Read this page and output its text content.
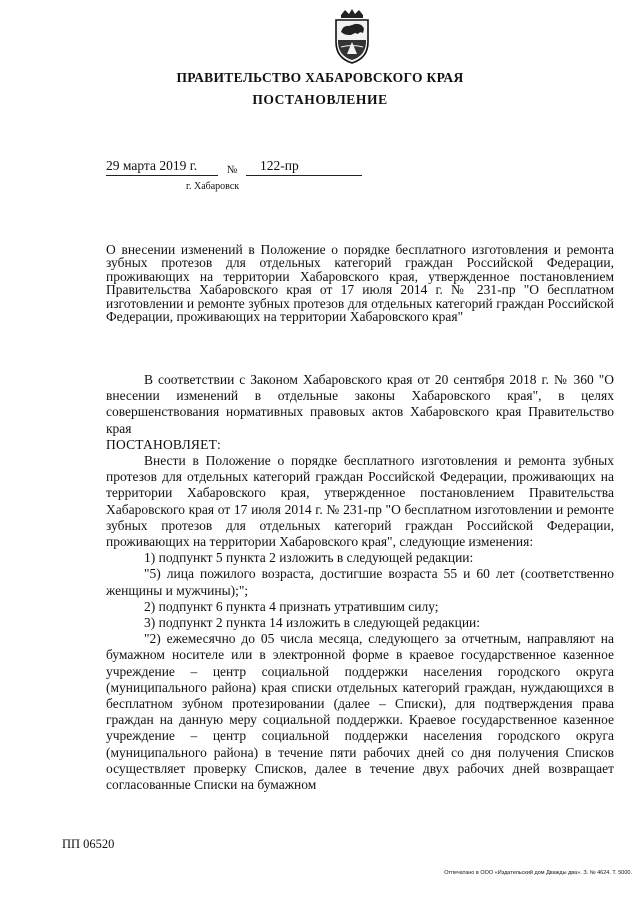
ПРАВИТЕЛЬСТВО ХАБАРОВСКОГО КРАЯ
ПОСТАНОВЛЕНИЕ
29 марта 2019 г.	№ 122-пр
г. Хабаровск

О внесении изменений в Положение о порядке бесплатного изготовления и ремонта зубных протезов для отдельных категорий граждан Российской Федерации, проживающих на территории Хабаровского края, утвержденное постановлением Правительства Хабаровского края от 17 июля 2014 г. № 231-пр "О бесплатном изготовлении и ремонте зубных протезов для отдельных категорий граждан Российской Федерации, проживающих на территории Хабаровского края"

В соответствии с Законом Хабаровского края от 20 сентября 2018 г. № 360 "О внесении изменений в отдельные законы Хабаровского края", в целях совершенствования нормативных правовых актов Хабаровского края Правительство края

ПОСТАНОВЛЯЕТ:

Внести в Положение о порядке бесплатного изготовления и ремонта зубных протезов для отдельных категорий граждан Российской Федерации, проживающих на территории Хабаровского края, утвержденное постановлением Правительства Хабаровского края от 17 июля 2014 г. № 231-пр "О бесплатном изготовлении и ремонте зубных протезов для отдельных категорий граждан Российской Федерации, проживающих на территории Хабаровского края", следующие изменения:

1) подпункт 5 пункта 2 изложить в следующей редакции:

"5) лица пожилого возраста, достигшие возраста 55 и 60 лет (соответственно женщины и мужчины);";

2) подпункт 6 пункта 4 признать утратившим силу;

3) подпункт 2 пункта 14 изложить в следующей редакции:

"2) ежемесячно до 05 числа месяца, следующего за отчетным, направляют на бумажном носителе или в электронной форме в краевое государственное казенное учреждение – центр социальной поддержки населения городского округа (муниципального района) края списки отдельных категорий граждан, нуждающихся в бесплатном зубном протезировании (далее – Списки), для подтверждения права граждан на данную меру социальной поддержки. Краевое государственное казенное учреждение – центр социальной поддержки населения городского округа (муниципального района) в течение пяти рабочих дней со дня получения Списков осуществляет проверку Списков, далее в течение двух рабочих дней возвращает согласованные Списки на бумажном

ПП 06520
Отпечатано в ООО «Издательский дом Дважды два». З. № 4624. Т. 5000.
